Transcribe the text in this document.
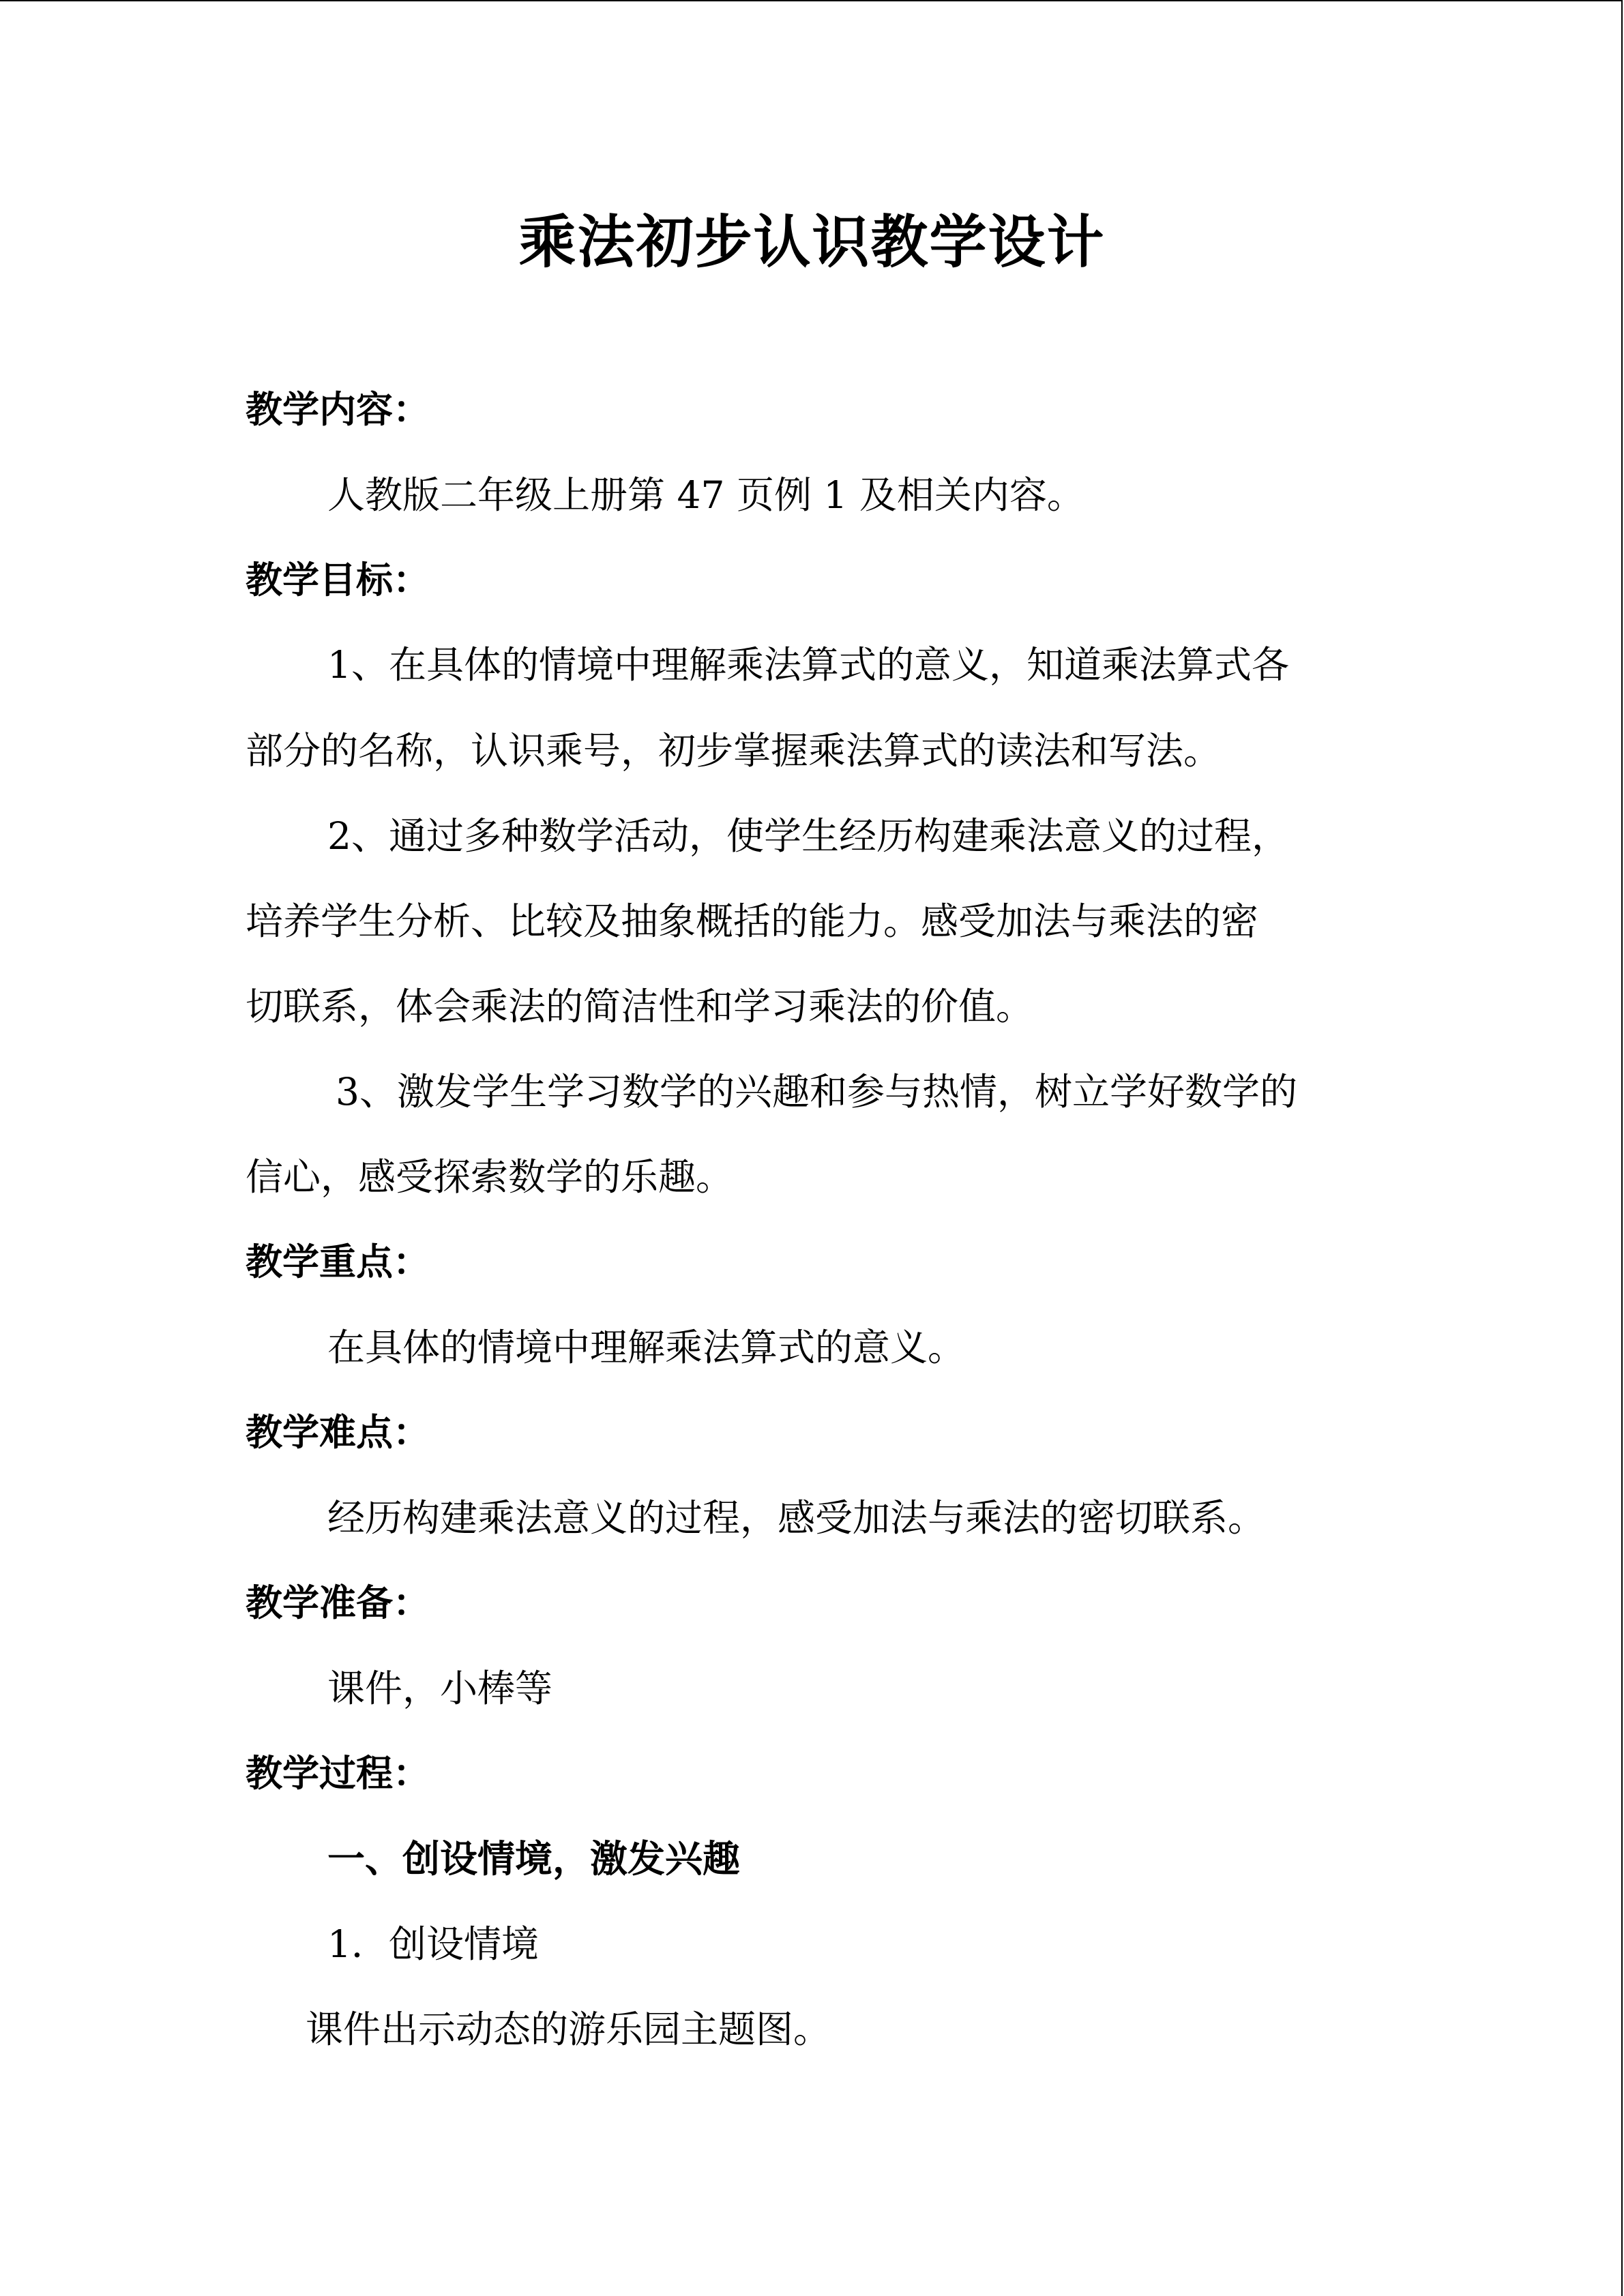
乘法初步认识教学设计
教学内容：
人教版二年级上册第 47 页例 1 及相关内容。
教学目标：
1、在具体的情境中理解乘法算式的意义，知道乘法算式各
部分的名称，认识乘号，初步掌握乘法算式的读法和写法。
2、通过多种数学活动，使学生经历构建乘法意义的过程，
培养学生分析、比较及抽象概括的能力。感受加法与乘法的密
切联系，体会乘法的简洁性和学习乘法的价值。
3、激发学生学习数学的兴趣和参与热情，树立学好数学的
信心，感受探索数学的乐趣。
教学重点：
在具体的情境中理解乘法算式的意义。
教学难点：
经历构建乘法意义的过程，感受加法与乘法的密切联系。
教学准备：
课件，小棒等
教学过程：
一、创设情境，激发兴趣
1．创设情境
课件出示动态的游乐园主题图。
